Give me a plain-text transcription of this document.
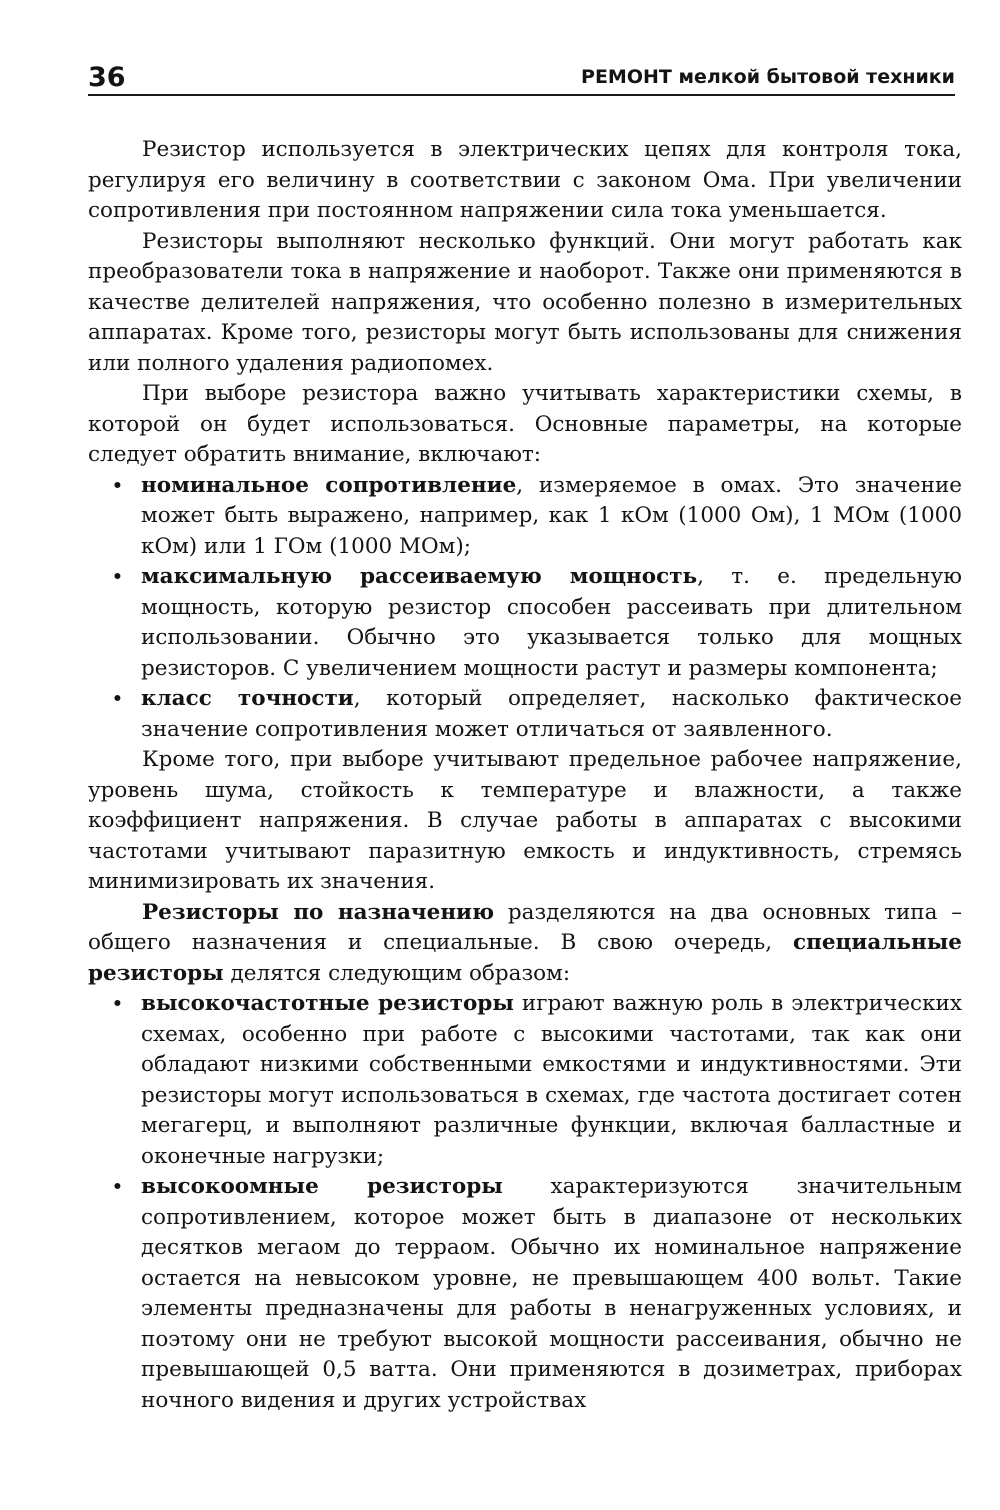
36	РЕМОНТ мелкой бытовой техники

Резистор используется в электрических цепях для контроля тока, регулируя его величину в соответствии с законом Ома. При увеличении сопротивления при постоянном напряжении сила тока уменьшается.

Резисторы выполняют несколько функций. Они могут работать как преобразователи тока в напряжение и наоборот. Также они применяются в качестве делителей напряжения, что особенно полезно в измерительных аппаратах. Кроме того, резисторы могут быть использованы для снижения или полного удаления радиопомех.

При выборе резистора важно учитывать характеристики схемы, в которой он будет использоваться. Основные параметры, на которые следует обратить внимание, включают:

• номинальное сопротивление, измеряемое в омах. Это значение может быть выражено, например, как 1 кОм (1000 Ом), 1 МОм (1000 кОм) или 1 ГОм (1000 МОм);
• максимальную рассеиваемую мощность, т. е. предельную мощность, которую резистор способен рассеивать при длительном использовании. Обычно это указывается только для мощных резисторов. С увеличением мощности растут и размеры компонента;
• класс точности, который определяет, насколько фактическое значение сопротивления может отличаться от заявленного.

Кроме того, при выборе учитывают предельное рабочее напряжение, уровень шума, стойкость к температуре и влажности, а также коэффициент напряжения. В случае работы в аппаратах с высокими частотами учитывают паразитную емкость и индуктивность, стремясь минимизировать их значения.

Резисторы по назначению разделяются на два основных типа – общего назначения и специальные. В свою очередь, специальные резисторы делятся следующим образом:

• высокочастотные резисторы играют важную роль в электрических схемах, особенно при работе с высокими частотами, так как они обладают низкими собственными емкостями и индуктивностями. Эти резисторы могут использоваться в схемах, где частота достигает сотен мегагерц, и выполняют различные функции, включая балластные и оконечные нагрузки;
• высокоомные резисторы характеризуются значительным сопротивлением, которое может быть в диапазоне от нескольких десятков мегаом до терраом. Обычно их номинальное напряжение остается на невысоком уровне, не превышающем 400 вольт. Такие элементы предназначены для работы в ненагруженных условиях, и поэтому они не требуют высокой мощности рассеивания, обычно не превышающей 0,5 ватта. Они применяются в дозиметрах, приборах ночного видения и других устройствах
